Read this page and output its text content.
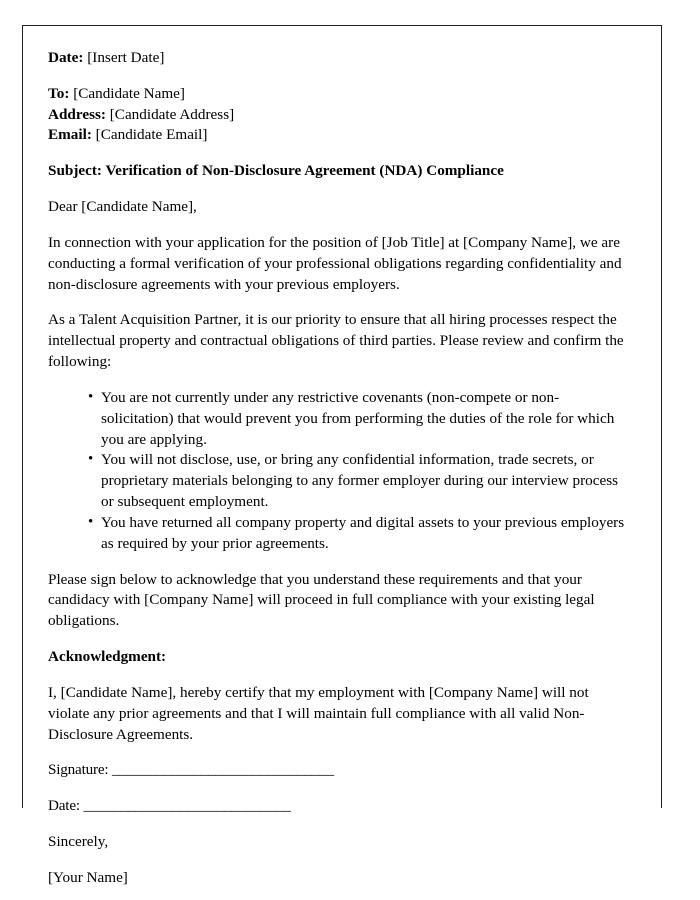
Date: [Insert Date]
To: [Candidate Name]
Address: [Candidate Address]
Email: [Candidate Email]
Subject: Verification of Non-Disclosure Agreement (NDA) Compliance

Dear [Candidate Name],

In connection with your application for the position of [Job Title] at [Company Name], we are conducting a formal verification of your professional obligations regarding confidentiality and non-disclosure agreements with your previous employers.

As a Talent Acquisition Partner, it is our priority to ensure that all hiring processes respect the intellectual property and contractual obligations of third parties. Please review and confirm the following:

• You are not currently under any restrictive covenants (non-compete or non-solicitation) that would prevent you from performing the duties of the role for which you are applying.
• You will not disclose, use, or bring any confidential information, trade secrets, or proprietary materials belonging to any former employer during our interview process or subsequent employment.
• You have returned all company property and digital assets to your previous employers as required by your prior agreements.

Please sign below to acknowledge that you understand these requirements and that your candidacy with [Company Name] will proceed in full compliance with your existing legal obligations.

Acknowledgment:

I, [Candidate Name], hereby certify that my employment with [Company Name] will not violate any prior agreements and that I will maintain full compliance with all valid Non-Disclosure Agreements.

Signature: ______________________________
Date: ____________________________
Sincerely,
[Your Name]
